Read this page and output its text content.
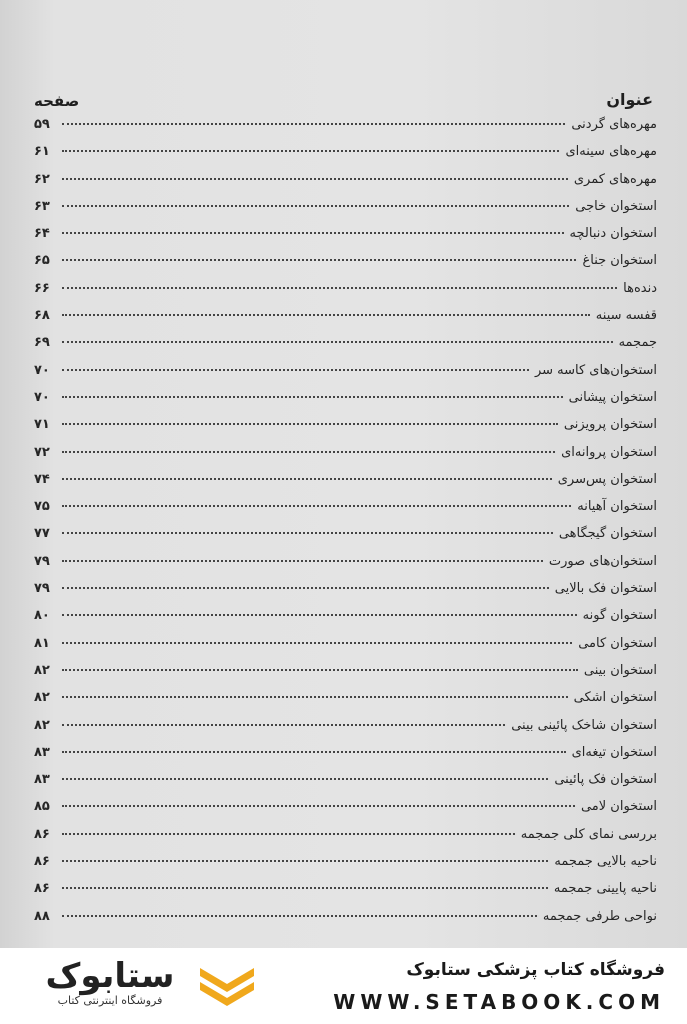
عنوان
صفحه
مهره‌های گردنی
۵۹
مهره‌های سینه‌ای
۶۱
مهره‌های کمری
۶۲
استخوان خاجی
۶۳
استخوان دنبالچه
۶۴
استخوان جناغ
۶۵
دنده‌ها
۶۶
قفسه سینه
۶۸
جمجمه
۶۹
استخوان‌های کاسه سر
۷۰
استخوان پیشانی
۷۰
استخوان پرویزنی
۷۱
استخوان پروانه‌ای
۷۲
استخوان پس‌سری
۷۴
استخوان آهیانه
۷۵
استخوان گیجگاهی
۷۷
استخوان‌های صورت
۷۹
استخوان فک بالایی
۷۹
استخوان گونه
۸۰
استخوان کامی
۸۱
استخوان بینی
۸۲
استخوان اشکی
۸۲
استخوان شاخک پائینی بینی
۸۲
استخوان تیغه‌ای
۸۳
استخوان فک پائینی
۸۳
استخوان لامی
۸۵
بررسی نمای کلی جمجمه
۸۶
ناحیه بالایی جمجمه
۸۶
ناحیه پایینی جمجمه
۸۶
نواحی طرفی جمجمه
۸۸
فروشگاه کتاب پزشکی ستابوک
WWW.SETABOOK.COM
ستابوک
فروشگاه اینترنتی کتاب
